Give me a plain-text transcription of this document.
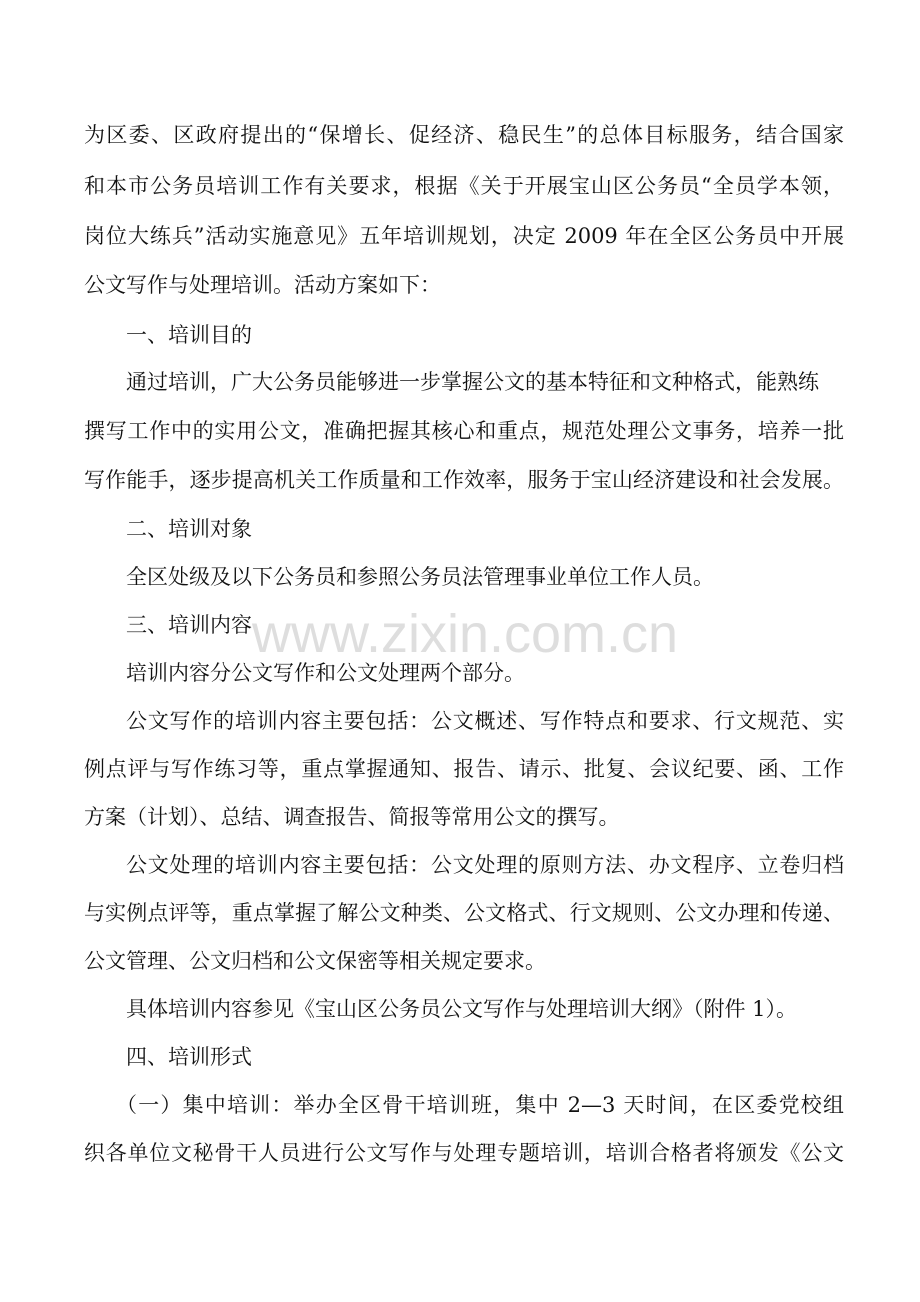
为区委、区政府提出的“保增长、促经济、稳民生”的总体目标服务，结合国家
和本市公务员培训工作有关要求，根据《关于开展宝山区公务员“全员学本领，
岗位大练兵”活动实施意见》五年培训规划，决定 2009 年在全区公务员中开展
公文写作与处理培训。活动方案如下：
一、培训目的
通过培训，广大公务员能够进一步掌握公文的基本特征和文种格式，能熟练
撰写工作中的实用公文，准确把握其核心和重点，规范处理公文事务，培养一批
写作能手，逐步提高机关工作质量和工作效率，服务于宝山经济建设和社会发展。
二、培训对象
全区处级及以下公务员和参照公务员法管理事业单位工作人员。
三、培训内容
培训内容分公文写作和公文处理两个部分。
公文写作的培训内容主要包括：公文概述、写作特点和要求、行文规范、实
例点评与写作练习等，重点掌握通知、报告、请示、批复、会议纪要、函、工作
方案（计划）、总结、调查报告、简报等常用公文的撰写。
公文处理的培训内容主要包括：公文处理的原则方法、办文程序、立卷归档
与实例点评等，重点掌握了解公文种类、公文格式、行文规则、公文办理和传递、
公文管理、公文归档和公文保密等相关规定要求。
具体培训内容参见《宝山区公务员公文写作与处理培训大纲》（附件 1）。
四、培训形式
（一）集中培训：举办全区骨干培训班，集中 2—3 天时间，在区委党校组
织各单位文秘骨干人员进行公文写作与处理专题培训，培训合格者将颁发《公文
www.zixin.com.cn
